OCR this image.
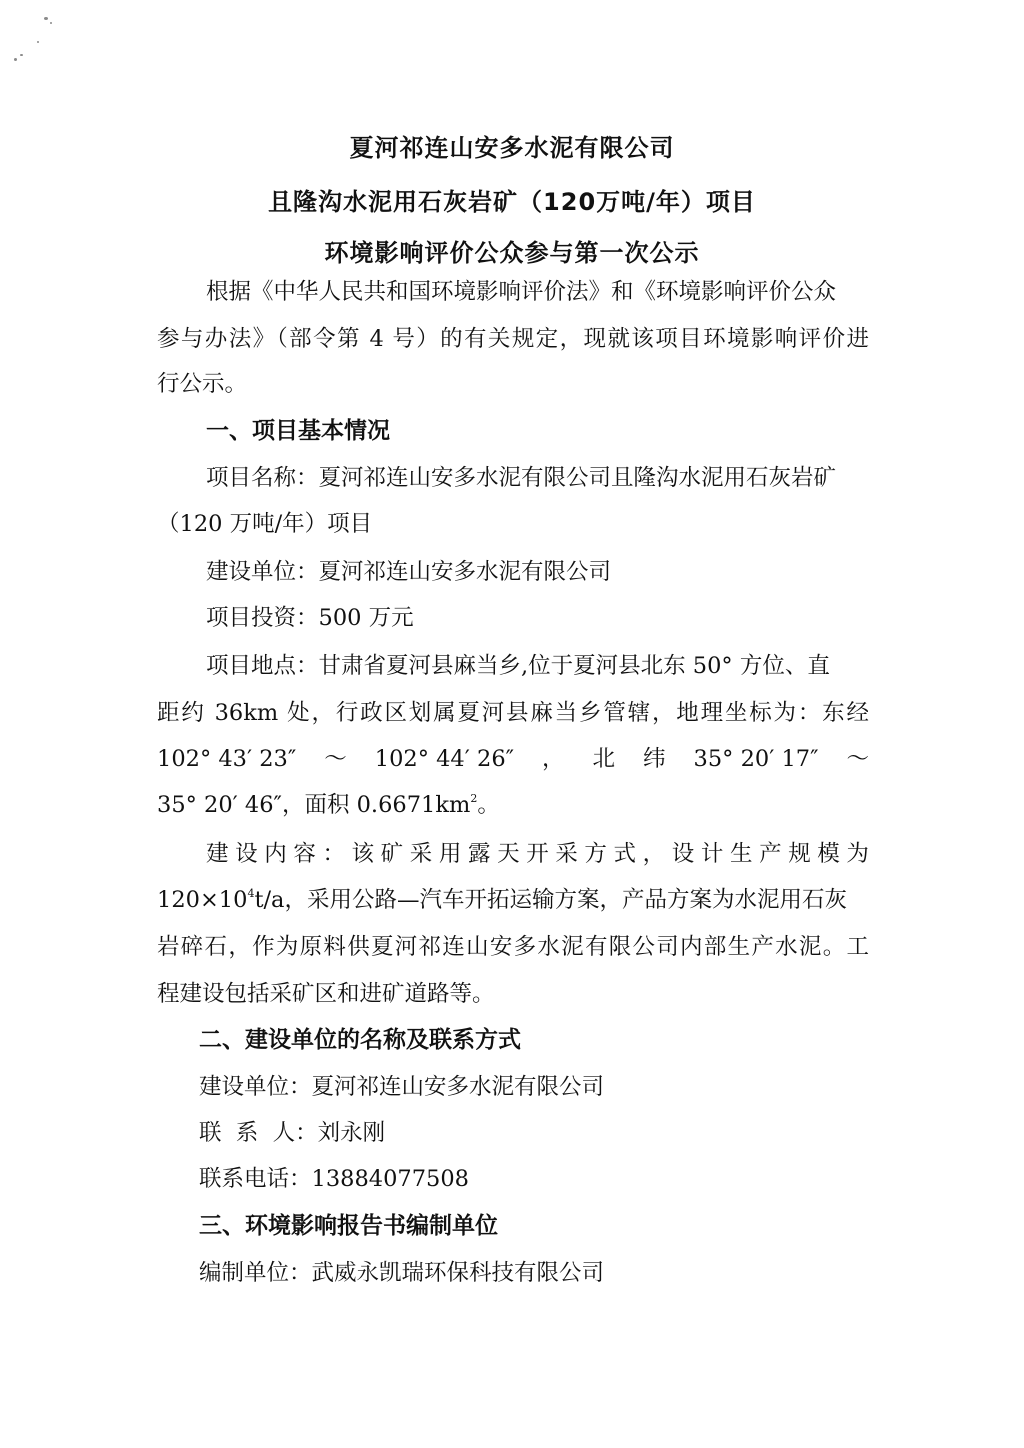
夏河祁连山安多水泥有限公司
且隆沟水泥用石灰岩矿（120万吨/年）项目
环境影响评价公众参与第一次公示
根据《中华人民共和国环境影响评价法》和《环境影响评价公众
参与办法》（部令第 4 号）的有关规定，现就该项目环境影响评价进
行公示。
一、项目基本情况
项目名称：夏河祁连山安多水泥有限公司且隆沟水泥用石灰岩矿
（120 万吨/年）项目
建设单位：夏河祁连山安多水泥有限公司
项目投资：500 万元
项目地点：甘肃省夏河县麻当乡,位于夏河县北东 50° 方位、直
距约 36km 处，行政区划属夏河县麻当乡管辖，地理坐标为：东经
102° 43′ 23″ ～ 102° 44′ 26″ ， 北 纬 35° 20′ 17″ ～
35° 20′ 46″，面积 $0.6671km^2$。
建 设 内 容 ： 该 矿 采 用 露 天 开 采 方 式 ， 设 计 生 产 规 模 为
$120\times 10^4t/a$，采用公路—汽车开拓运输方案，产品方案为水泥用石灰
岩碎石，作为原料供夏河祁连山安多水泥有限公司内部生产水泥。工
程建设包括采矿区和进矿道路等。
二、建设单位的名称及联系方式
建设单位：夏河祁连山安多水泥有限公司
联  系  人：刘永刚
联系电话：13884077508
三、环境影响报告书编制单位
编制单位：武威永凯瑞环保科技有限公司
